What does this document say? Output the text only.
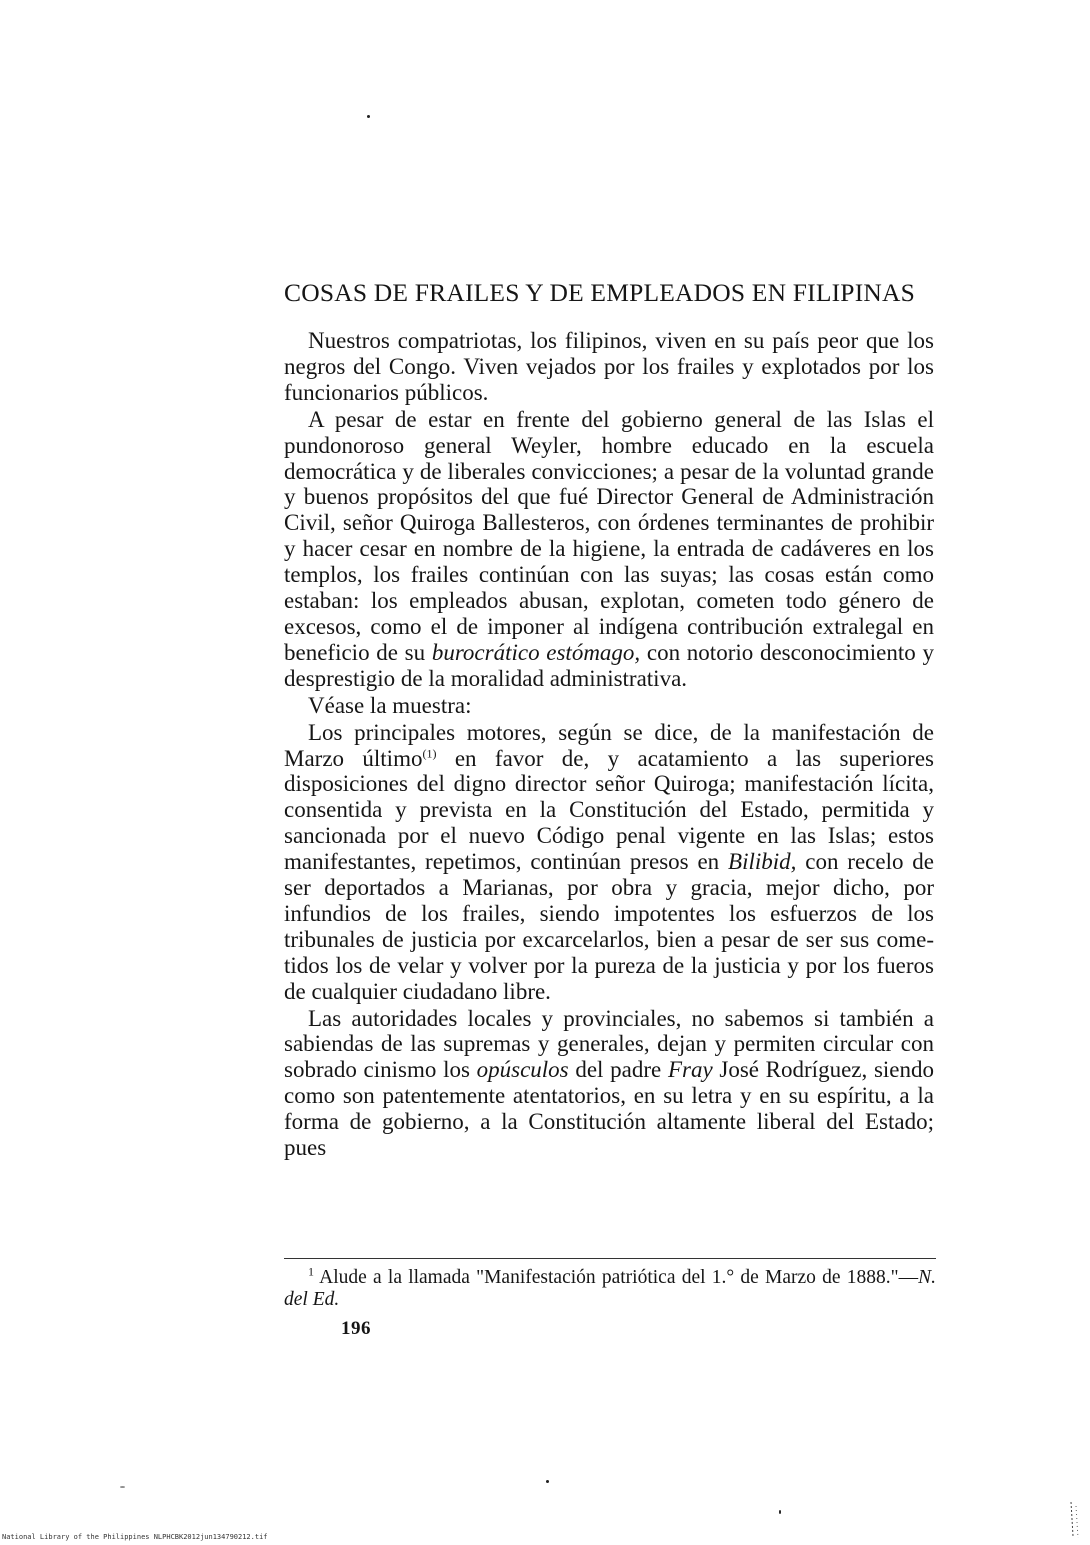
COSAS DE FRAILES Y DE EMPLEADOS EN FILIPINAS

Nuestros compatriotas, los filipinos, viven en su país peor que los negros del Congo. Viven vejados por los frailes y explotados por los funcionarios públicos.

A pesar de estar en frente del gobierno general de las Islas el pundonoroso general Weyler, hombre educado en la escuela democrática y de liberales convicciones; a pesar de la voluntad grande y buenos propósitos del que fué Director General de Administración Civil, señor Quiroga Ballesteros, con órdenes terminantes de prohibir y hacer cesar en nombre de la higiene, la entrada de cadáveres en los templos, los frailes continúan con las suyas; las cosas están como estaban: los empleados abusan, explotan, cometen todo género de excesos, como el de imponer al indígena contribución extralegal en beneficio de su burocrático estómago, con notorio desconocimiento y desprestigio de la moralidad administrativa.

Véase la muestra:

Los principales motores, según se dice, de la manifestación de Marzo último$^{(1)}$ en favor de, y acatamiento a las superiores disposiciones del digno director señor Quiroga; manifestación lícita, consentida y prevista en la Constitución del Estado, permitida y sancionada por el nuevo Código penal vigente en las Islas; estos manifestantes, repetimos, continúan presos en Bilibid, con recelo de ser deportados a Marianas, por obra y gracia, mejor dicho, por infundios de los frailes, siendo impotentes los esfuerzos de los tribunales de justicia por excarcelarlos, bien a pesar de ser sus cometidos los de velar y volver por la pureza de la justicia y por los fueros de cualquier ciudadano libre.

Las autoridades locales y provinciales, no sabemos si también a sabiendas de las supremas y generales, dejan y permiten circular con sobrado cinismo los opúsculos del padre Fray José Rodríguez, siendo como son patentemente atentatorios, en su letra y en su espíritu, a la forma de gobierno, a la Constitución altamente liberal del Estado; pues

$^1$ Alude a la llamada "Manifestación patriótica del 1.° de Marzo de 1888."—N. del Ed.
196
National Library of the Philippines NLPHCBK2012jun134790212.tif
